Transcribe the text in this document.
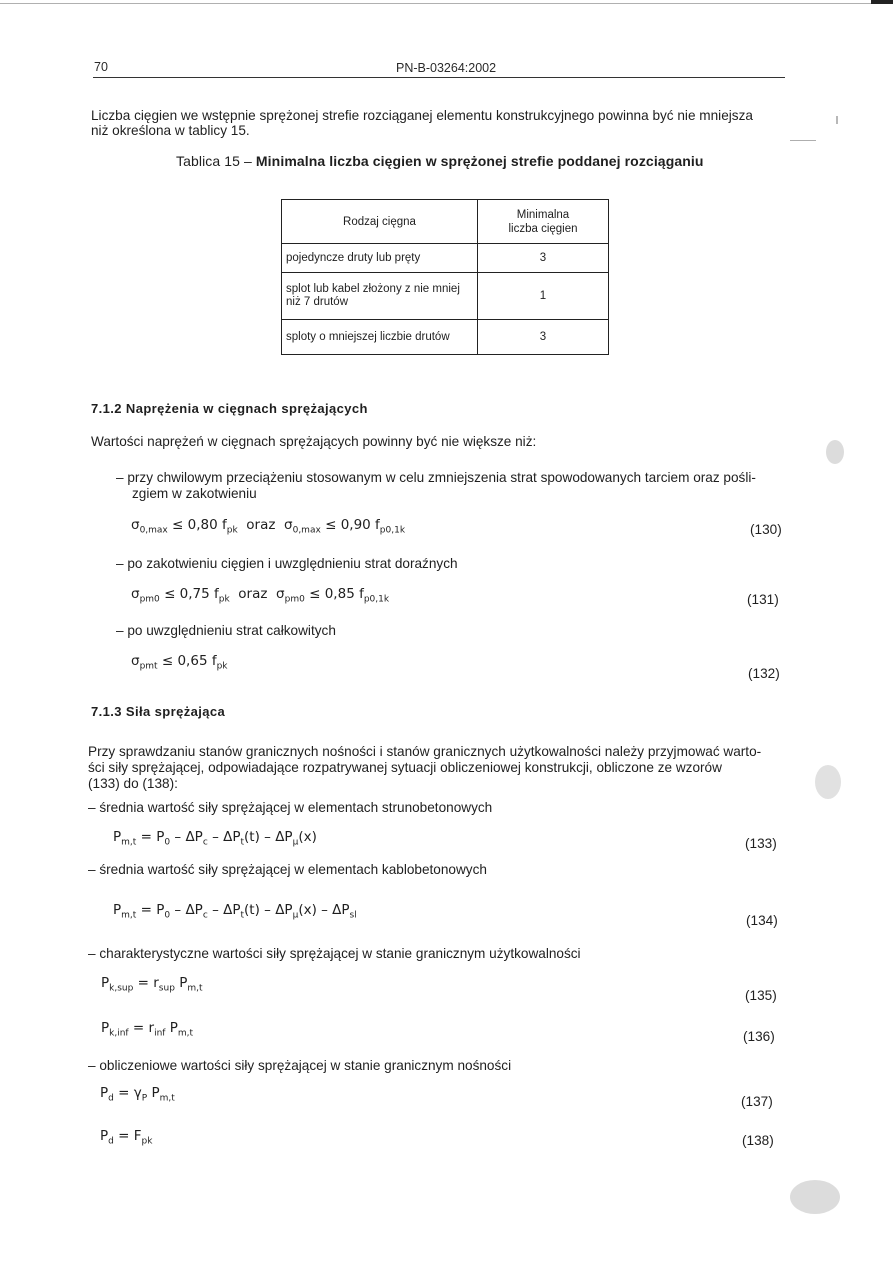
70	PN-B-03264:2002
Liczba cięgien we wstępnie sprężonej strefie rozciąganej elementu konstrukcyjnego powinna być nie mniejsza
niż określona w tablicy 15.
Tablica 15 – Minimalna liczba cięgien w sprężonej strefie poddanej rozciąganiu
Rodzaj cięgna	Minimalna
liczba cięgien

pojedyncze druty lub pręty	3

splot lub kabel złożony z nie mniej
niż 7 drutów	1

sploty o mniejszej liczbie drutów	3
7.1.2 Naprężenia w cięgnach sprężających
Wartości naprężeń w cięgnach sprężających powinny być nie większe niż:
– przy chwilowym przeciążeniu stosowanym w celu zmniejszenia strat spowodowanych tarciem oraz pośli-
zgiem w zakotwieniu
$\sigma_{0,max} \le 0,80$ $f_{pk}$  oraz  $\sigma_{0,max} \le 0,90$ $f_{p0,1k}$	(130)
– po zakotwieniu cięgien i uwzględnieniu strat doraźnych
$\sigma_{pm0} \le 0,75$ $f_{pk}$  oraz  $\sigma_{pm0} \le 0,85$ $f_{p0,1k}$	(131)
– po uwzględnieniu strat całkowitych
$\sigma_{pmt} \le 0,65$ $f_{pk}$	(132)
7.1.3 Siła sprężająca
Przy sprawdzaniu stanów granicznych nośności i stanów granicznych użytkowalności należy przyjmować warto-
ści siły sprężającej, odpowiadające rozpatrywanej sytuacji obliczeniowej konstrukcji, obliczone ze wzorów
(133) do (138):
– średnia wartość siły sprężającej w elementach strunobetonowych
$P_{m,t} = P_0 - \Delta P_c - \Delta P_t(t) - \Delta P_\mu(x)$	(133)
– średnia wartość siły sprężającej w elementach kablobetonowych
$P_{m,t} = P_0 - \Delta P_c - \Delta P_t(t) - \Delta P_\mu(x) - \Delta P_{sl}$	(134)
– charakterystyczne wartości siły sprężającej w stanie granicznym użytkowalności
$P_{k,sup} = r_{sup}$ $P_{m,t}$	(135)
$P_{k,inf} = r_{inf}$ $P_{m,t}$	(136)
– obliczeniowe wartości siły sprężającej w stanie granicznym nośności
$P_d = \gamma_P$ $P_{m,t}$	(137)
$P_d = F_{pk}$	(138)
